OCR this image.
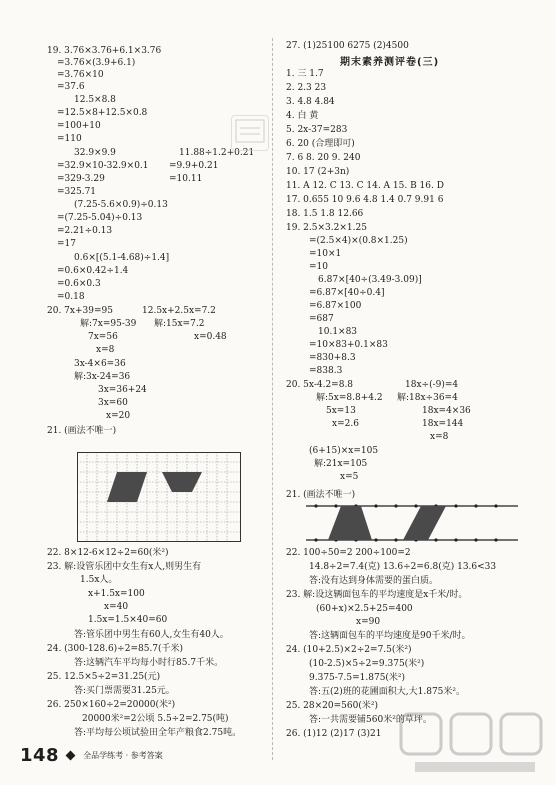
19. 3.76×3.76+6.1×3.76
=3.76×(3.9+6.1)
=3.76×10
=37.6
12.5×8.8
=12.5×8+12.5×0.8
=100+10
=110
32.9×9.9	11.88÷1.2+0.21
=32.9×10-32.9×0.1 =9.9+0.21
=329-3.29	=10.11
=325.71
(7.25-5.6×0.9)÷0.13
=(7.25-5.04)÷0.13
=2.21÷0.13
=17
0.6×[(5.1-4.68)÷1.4]
=0.6×0.42÷1.4
=0.6×0.3
=0.18
20. 7x+39=95	12.5x+2.5x=7.2
解:7x=95-39 解:15x=7.2
7x=56	x=0.48
x=8
3x-4×6=36
解:3x-24=36
3x=36+24
3x=60
x=20
21. (画法不唯一)
22. 8×12-6×12÷2=60(米²)
23. 解:设管乐团中女生有x人,则男生有
1.5x人。
x+1.5x=100
x=40
1.5x=1.5×40=60
答:管乐团中男生有60人,女生有40人。
24. (300-128.6)÷2=85.7(千米)
答:这辆汽车平均每小时行85.7千米。
25. 12.5×5÷2=31.25(元)
答:买门票需要31.25元。
26. 250×160÷2=20000(米²)
20000米²=2公顷 5.5÷2=2.75(吨)
答:平均每公顷试验田全年产粮食2.75吨。
27. (1)25100 6275 (2)4500
1. 三 1.7
2. 2.3 23
3. 4.8 4.84
4. 白 黄
5. 2x-37=283
6. 20 (合理即可)
7. 6 8. 20 9. 240
10. 17 (2+3n)
11. A 12. C 13. C 14. A 15. B 16. D
17. 0.655 10 9.6 4.8 1.4 0.7 9.91 6
18. 1.5 1.8 12.66
19. 2.5×3.2×1.25
=(2.5×4)×(0.8×1.25)
=10×1
=10
6.87×[40÷(3.49-3.09)]
=6.87×[40÷0.4]
=6.87×100
=687
10.1×83
=10×83+0.1×83
=830+8.3
=838.3
20. 5x-4.2=8.8	18x÷(-9)=4
解:5x=8.8+4.2 解:18x÷36=4
5x=13	18x=4×36
x=2.6	18x=144
x=8
(6+15)×x=105
解:21x=105
x=5
21. (画法不唯一)
22. 100÷50=2 200÷100=2
14.8÷2=7.4(克) 13.6÷2=6.8(克) 13.6<33
答:没有达到身体需要的蛋白质。
23. 解:设这辆面包车的平均速度是x千米/时。
(60+x)×2.5+25=400
x=90
答:这辆面包车的平均速度是90千米/时。
24. (10+2.5)×2÷2=7.5(米²)
(10-2.5)×5÷2=9.375(米²)
9.375-7.5=1.875(米²)
答:五(2)班的花圃面积大,大1.875米²。
25. 28×20=560(米²)
答:一共需要铺560米²的草坪。
26. (1)12 (2)17 (3)21
期末素养测评卷(三)
148	全品学练考 · 参考答案
